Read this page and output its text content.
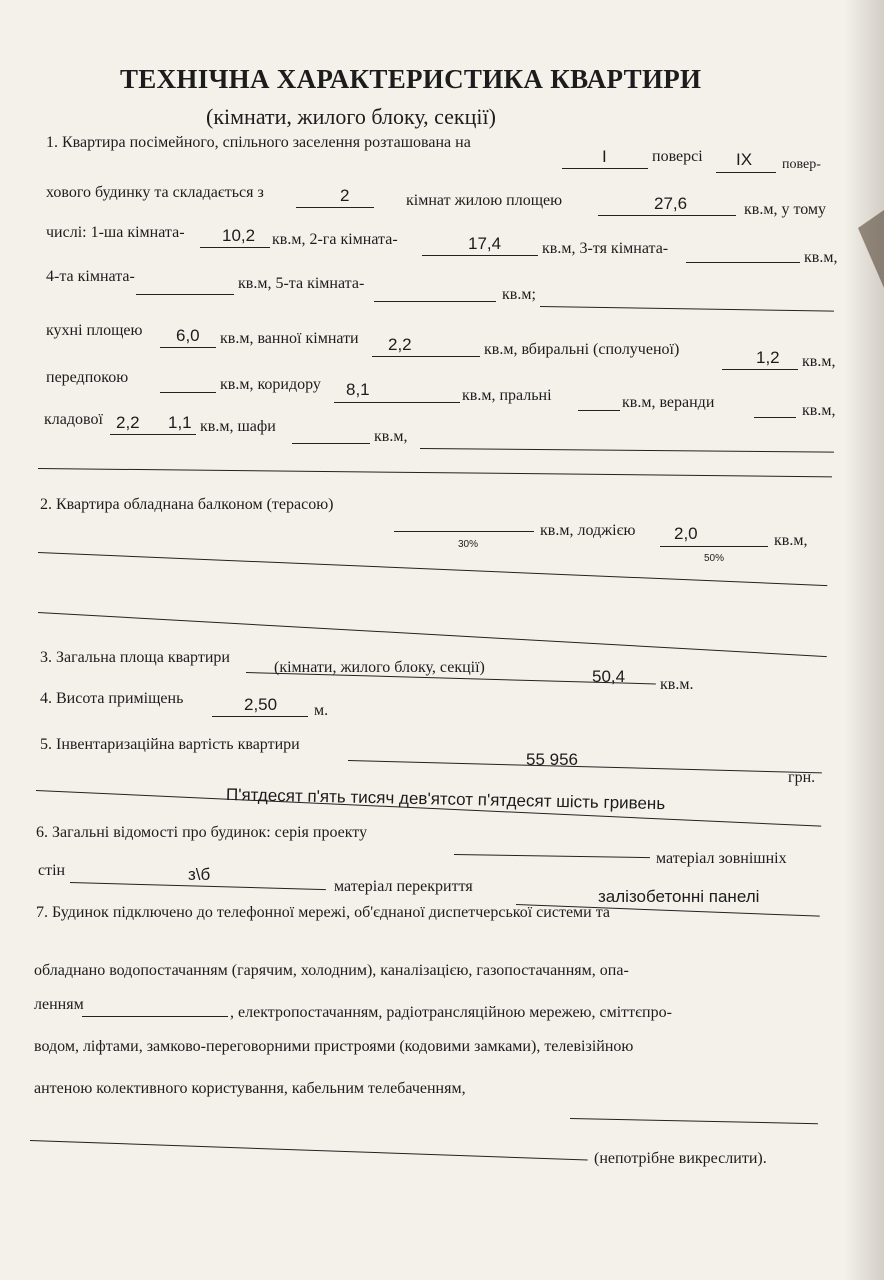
ТЕХНІЧНА ХАРАКТЕРИСТИКА КВАРТИРИ
(кімнати, жилого блоку, секції)
1. Квартира посімейного, спільного заселення розташована на
I	поверсі IX повер-
хового будинку та складається з	2	кімнат жилою площею	27,6	кв.м, у тому
числі: 1-ша кімната- 10,2 кв.м, 2-га кімната-	17,4	кв.м, 3-тя кімната-
кв.м,
4-та кімната-	кв.м, 5-та кімната-
кв.м;
кухні площею 6,0 кв.м, ванної кімнати 2,2	кв.м, вбиральні (сполученої)	1,2 кв.м,
передпокою	кв.м, коридору 8,1	кв.м, пральні	кв.м, веранди	кв.м,
кладової 2,2 1,1 кв.м, шафи
кв.м,
2. Квартира обладнана балконом (терасою)
30%
кв.м, лоджією 2,0
50%
кв.м,
3. Загальна площа квартири
(кімнати, жилого блоку, секції)	50,4 кв.м.
4. Висота приміщень	2,50 м.
5. Інвентаризаційна вартість квартири
55 956
грн.
П'ятдесят п'ять тисяч дев'ятсот п'ятдесят шість гривень
6. Загальні відомості про будинок: серія проекту
матеріал зовнішніх
стін	з\б
матеріал перекриття
залізобетонні панелі
7. Будинок підключено до телефонної мережі, об'єднаної диспетчерської системи та
обладнано водопостачанням (гарячим, холодним), каналізацією, газопостачанням, опа-
ленням	, електропостачанням, радіотрансляційною мережею, сміттєпро-
водом, ліфтами, замково-переговорними пристроями (кодовими замками), телевізійною
антеною колективного користування, кабельним телебаченням,
(непотрібне викреслити).
